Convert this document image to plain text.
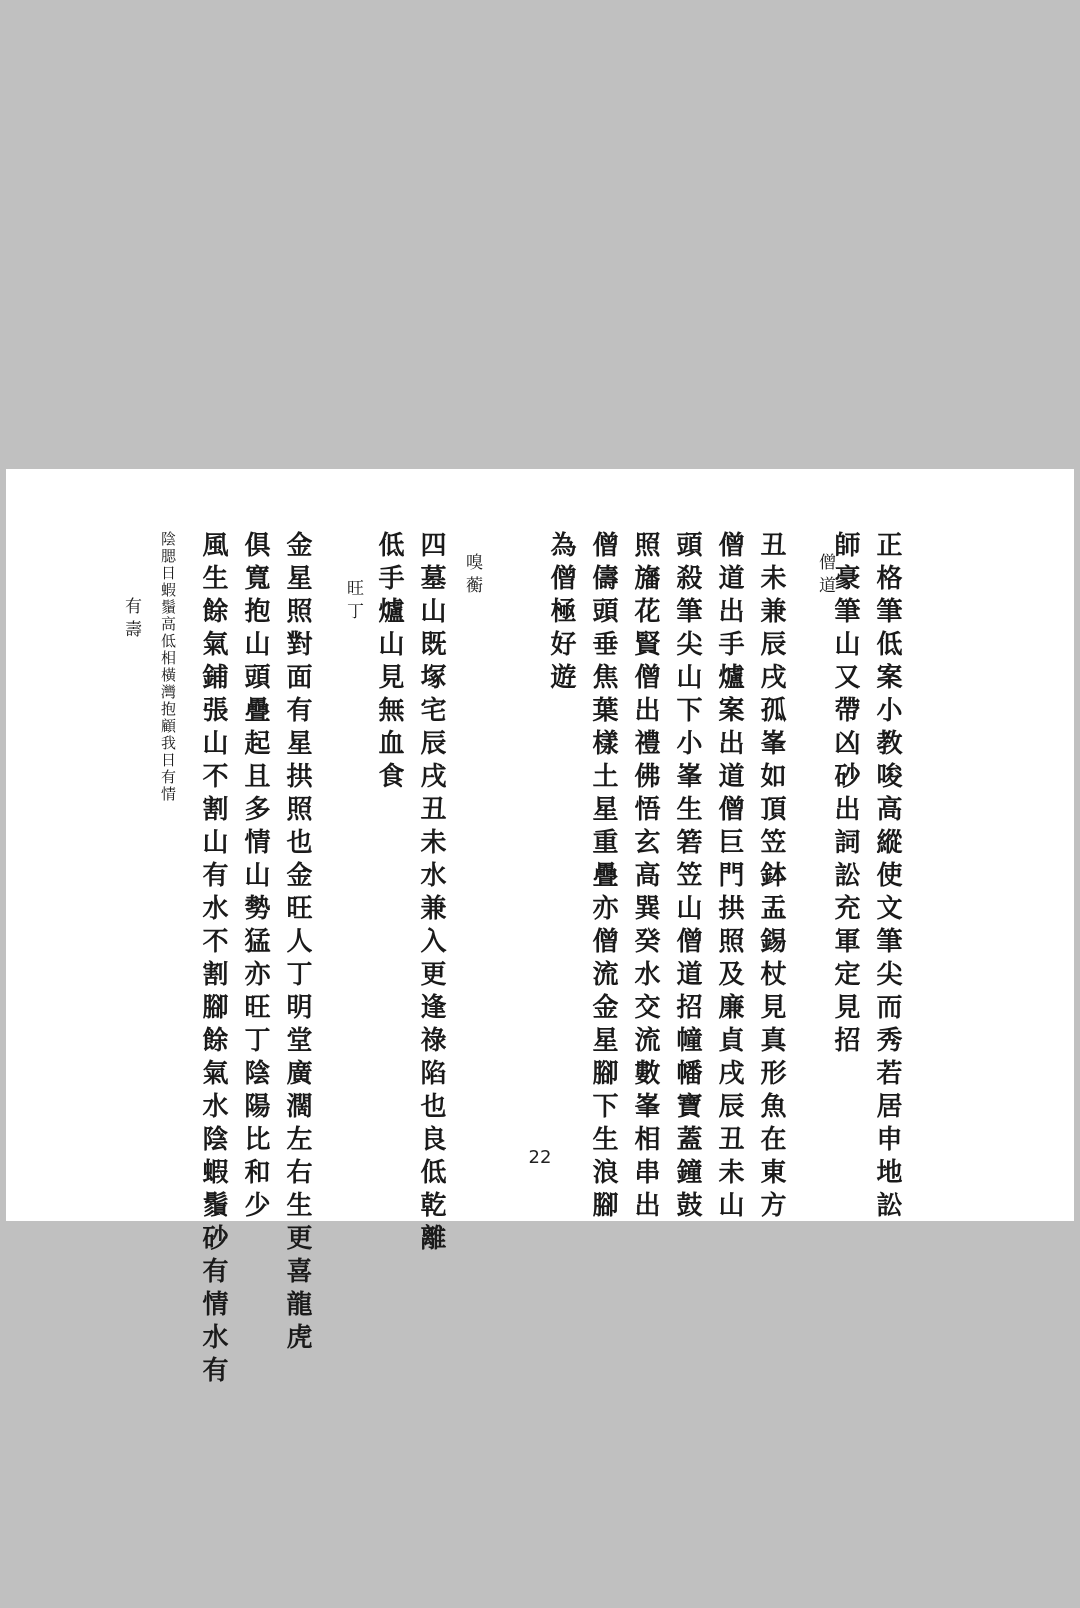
正格筆低案小教唆高縱使文筆尖而秀若居申地訟
師豪筆山又帶凶砂出詞訟充軍定見招
僧道
丑未兼辰戌孤峯如頂笠鉢盂錫杖見真形魚在東方
僧道出手爐案出道僧巨門拱照及廉貞戌辰丑未山
頭殺筆尖山下小峯生箬笠山僧道招幢幡寶蓋鐘鼓
照旛花賢僧出禮佛悟玄高巽癸水交流數峯相串出
僧儔頭垂焦葉樣土星重疊亦僧流金星腳下生浪腳
為僧極好遊
嗅蘅
四墓山既塚宅辰戌丑未水兼入更逢祿陷也良低乾離
低手爐山見無血食
旺丁
金星照對面有星拱照也金旺人丁明堂廣濶左右生更喜龍虎
俱寬抱山頭疊起且多情山勢猛亦旺丁陰陽比和少
風生餘氣鋪張山不割山有水不割腳餘氣水陰蝦鬚砂有情水有
陰腮日蝦鬚高低相橫灣抱顧我日有情
有壽
22
